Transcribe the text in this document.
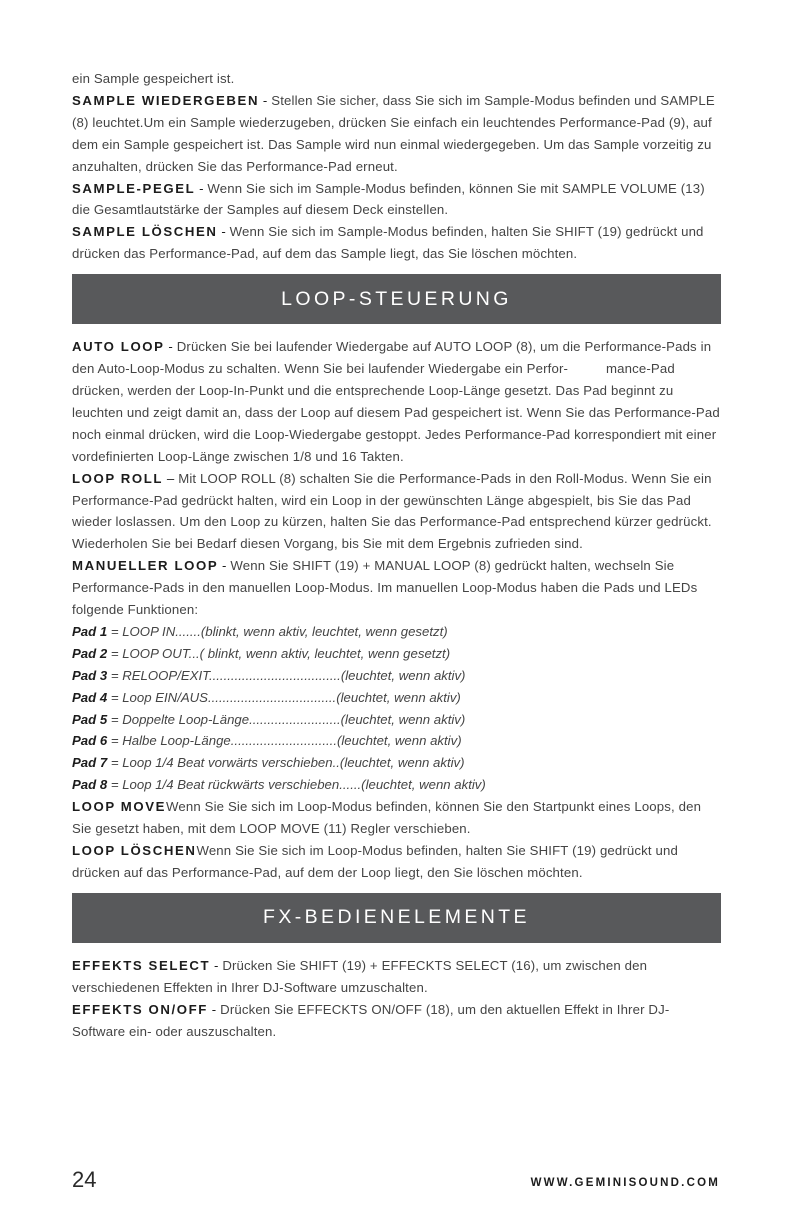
ein Sample gespeichert ist.

SAMPLE WIEDERGEBEN - Stellen Sie sicher, dass Sie sich im Sample-Modus befinden und SAMPLE (8) leuchtet.Um ein Sample wiederzugeben, drücken Sie einfach ein leuchtendes Performance-Pad (9), auf dem ein Sample gespeichert ist. Das Sample wird nun einmal wiedergegeben. Um das Sample vorzeitig zu anzuhalten, drücken Sie das Performance-Pad erneut.

SAMPLE-PEGEL - Wenn Sie sich im Sample-Modus befinden, können Sie mit SAMPLE VOLUME (13) die Gesamtlautstärke der Samples auf diesem Deck einstellen.

SAMPLE LÖSCHEN - Wenn Sie sich im Sample-Modus befinden, halten Sie SHIFT (19) gedrückt und drücken das Performance-Pad, auf dem das Sample liegt, das Sie löschen möchten.

LOOP-STEUERUNG

AUTO LOOP - Drücken Sie bei laufender Wiedergabe auf AUTO LOOP (8), um die Performance-Pads in den Auto-Loop-Modus zu schalten. Wenn Sie bei laufender Wiedergabe ein Perfor-	mance-Pad drücken, werden der Loop-In-Punkt und die entsprechende Loop-Länge gesetzt. Das Pad beginnt zu leuchten und zeigt damit an, dass der Loop auf diesem Pad gespeichert ist. Wenn Sie das Performance-Pad noch einmal drücken, wird die Loop-Wiedergabe gestoppt. Jedes Performance-Pad korrespondiert mit einer vordefinierten Loop-Länge zwischen 1/8 und 16 Takten.

LOOP ROLL – Mit LOOP ROLL (8) schalten Sie die Performance-Pads in den Roll-Modus. Wenn Sie ein Performance-Pad gedrückt halten, wird ein Loop in der gewünschten Länge abgespielt, bis Sie das Pad wieder loslassen. Um den Loop zu kürzen, halten Sie das Performance-Pad entsprechend kürzer gedrückt. Wiederholen Sie bei Bedarf diesen Vorgang, bis Sie mit dem Ergebnis zufrieden sind.

MANUELLER LOOP - Wenn Sie SHIFT (19) + MANUAL LOOP (8) gedrückt halten, wechseln Sie Performance-Pads in den manuellen Loop-Modus. Im manuellen Loop-Modus haben die Pads und LEDs folgende Funktionen:

Pad 1 = LOOP IN.......(blinkt, wenn aktiv, leuchtet, wenn gesetzt)

Pad 2 = LOOP OUT...( blinkt, wenn aktiv, leuchtet, wenn gesetzt)

Pad 3 = RELOOP/EXIT....................................(leuchtet, wenn aktiv)

Pad 4 = Loop EIN/AUS...................................(leuchtet, wenn aktiv)

Pad 5 = Doppelte Loop-Länge.........................(leuchtet, wenn aktiv)

Pad 6 = Halbe Loop-Länge.............................(leuchtet, wenn aktiv)

Pad 7 = Loop 1/4 Beat vorwärts verschieben..(leuchtet, wenn aktiv)

Pad 8 = Loop 1/4 Beat rückwärts verschieben......(leuchtet, wenn aktiv)

LOOP MOVEWenn Sie Sie sich im Loop-Modus befinden, können Sie den Startpunkt eines Loops, den Sie gesetzt haben, mit dem LOOP MOVE (11) Regler verschieben.

LOOP LÖSCHENWenn Sie Sie sich im Loop-Modus befinden, halten Sie SHIFT (19) gedrückt und drücken auf das Performance-Pad, auf dem der Loop liegt, den Sie löschen möchten.

FX-BEDIENELEMENTE

EFFEKTS SELECT - Drücken Sie SHIFT (19) + EFFECKTS SELECT (16), um zwischen den verschiedenen Effekten in Ihrer DJ-Software umzuschalten.

EFFEKTS ON/OFF - Drücken Sie EFFECKTS ON/OFF (18), um den aktuellen Effekt in Ihrer DJ-Software ein- oder auszuschalten.

24	WWW.GEMINISOUND.COM
